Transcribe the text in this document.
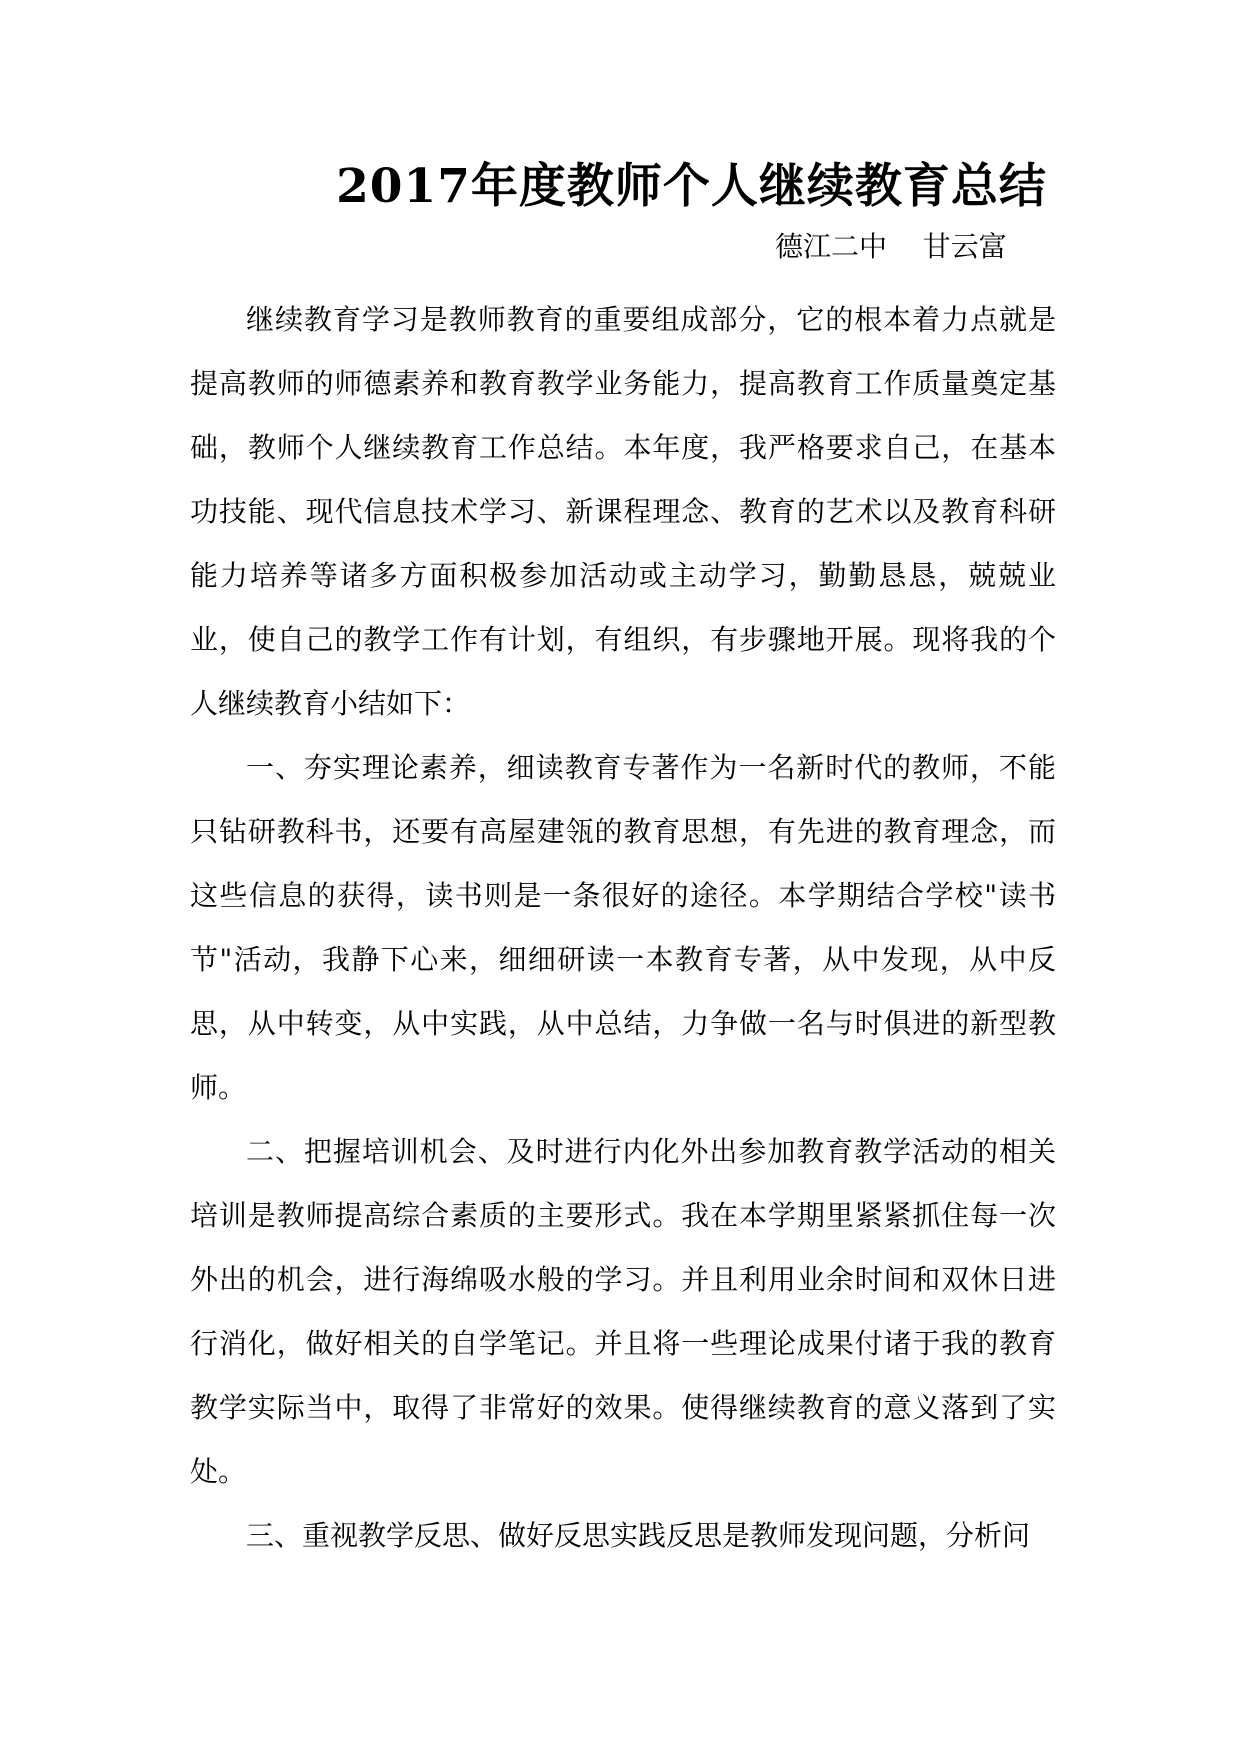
2017年度教师个人继续教育总结

德江二中    甘云富

继续教育学习是教师教育的重要组成部分，它的根本着力点就是提高教师的师德素养和教育教学业务能力，提高教育工作质量奠定基础，教师个人继续教育工作总结。本年度，我严格要求自己，在基本功技能、现代信息技术学习、新课程理念、教育的艺术以及教育科研能力培养等诸多方面积极参加活动或主动学习，勤勤恳恳，兢兢业业，使自己的教学工作有计划，有组织，有步骤地开展。现将我的个人继续教育小结如下：

一、夯实理论素养，细读教育专著作为一名新时代的教师，不能只钻研教科书，还要有高屋建瓴的教育思想，有先进的教育理念，而这些信息的获得，读书则是一条很好的途径。本学期结合学校"读书节"活动，我静下心来，细细研读一本教育专著，从中发现，从中反思，从中转变，从中实践，从中总结，力争做一名与时俱进的新型教师。

二、把握培训机会、及时进行内化外出参加教育教学活动的相关培训是教师提高综合素质的主要形式。我在本学期里紧紧抓住每一次外出的机会，进行海绵吸水般的学习。并且利用业余时间和双休日进行消化，做好相关的自学笔记。并且将一些理论成果付诸于我的教育教学实际当中，取得了非常好的效果。使得继续教育的意义落到了实处。

三、重视教学反思、做好反思实践反思是教师发现问题，分析问
